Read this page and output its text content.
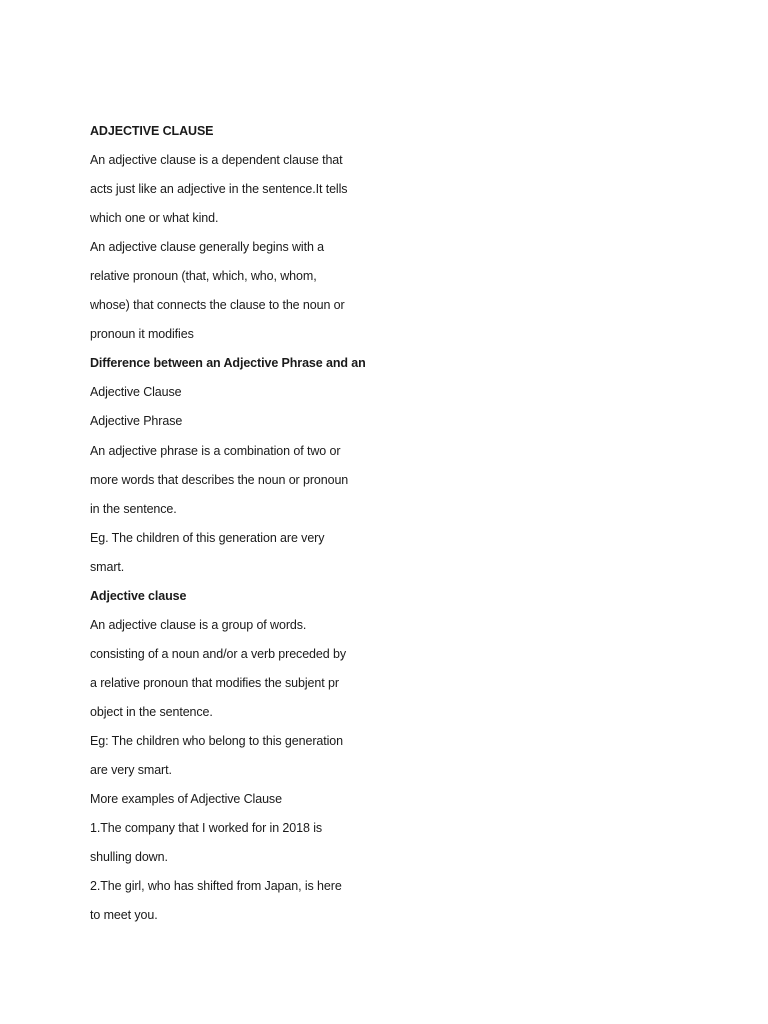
ADJECTIVE CLAUSE
An adjective clause is a dependent clause that
acts just like an adjective in the sentence.It tells
which one or what kind.
An adjective clause generally begins with a
relative pronoun (that, which, who, whom,
whose) that connects the clause to the noun or
pronoun it modifies
Difference between an Adjective Phrase and an
Adjective Clause
Adjective Phrase
An adjective phrase is a combination of two or
more words that describes the noun or pronoun
in the sentence.
Eg. The children of this generation are very
smart.
Adjective clause
An adjective clause is a group of words.
consisting of a noun and/or a verb preceded by
a relative pronoun that modifies the subjent pr
object in the sentence.
Eg: The children who belong to this generation
are very smart.
More examples of Adjective Clause
1.The company that I worked for in 2018 is
shulling down.
2.The girl, who has shifted from Japan, is here
to meet you.
